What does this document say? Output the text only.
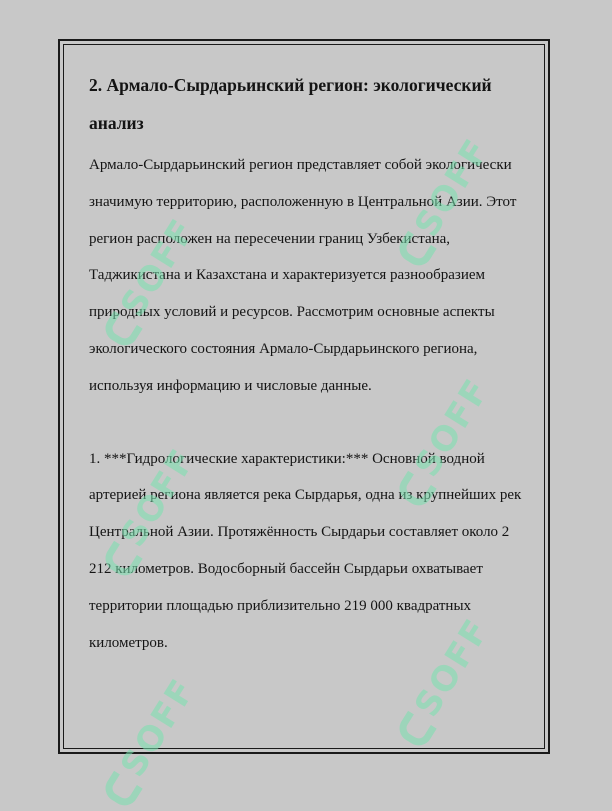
2. Армало-Сырдарьинский регион: экологический анализ

Армало-Сырдарьинский регион представляет собой экологически значимую территорию, расположенную в Центральной Азии. Этот регион расположен на пересечении границ Узбекистана, Таджикистана и Казахстана и характеризуется разнообразием природных условий и ресурсов. Рассмотрим основные аспекты экологического состояния Армало-Сырдарьинского региона, используя информацию и числовые данные.

1. ***Гидрологические характеристики:*** Основной водной артерией региона является река Сырдарья, одна из крупнейших рек Центральной Азии. Протяжённость Сырдарьи составляет около 2 212 километров. Водосборный бассейн Сырдарьи охватывает территории площадью приблизительно 219 000 квадратных километров.

SOFF
SOFF
SOFF
SOFF
SOFF
SOFF
